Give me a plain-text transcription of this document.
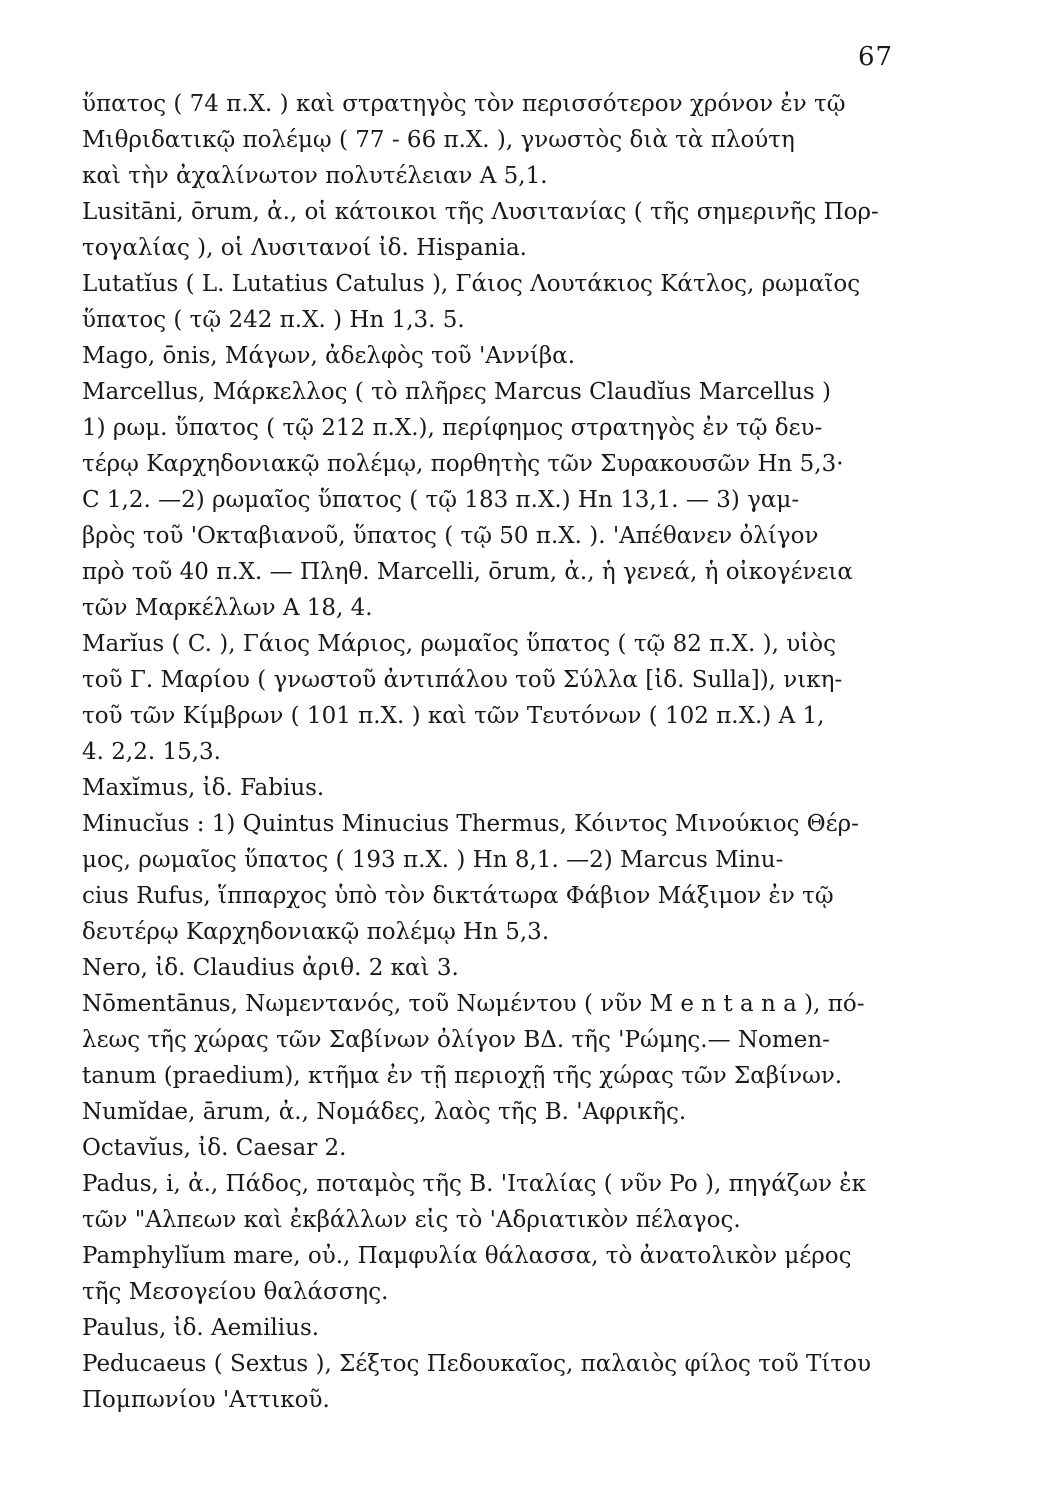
67

ὕπατος ( 74 π.Χ. ) καὶ στρατηγὸς τὸν περισσότερον χρόνον ἐν τῷ
Μιθριδατικῷ πολέμῳ ( 77 - 66 π.Χ. ), γνωστὸς διὰ τὰ πλούτη
καὶ τὴν ἀχαλίνωτον πολυτέλειαν Α 5,1.

Lusitāni, ōrum, ἀ., οἱ κάτοικοι τῆς Λυσιτανίας ( τῆς σημερινῆς Πορ-
τογαλίας ), οἱ Λυσιτανοί ἰδ. Hispania.

Lutatĭus ( L. Lutatius Catulus ), Γάιος Λουτάκιος Κάτλος, ρωμαῖος
ὕπατος ( τῷ 242 π.Χ. ) Hn 1,3. 5.

Mago, ōnis, Μάγων, ἀδελφὸς τοῦ 'Αννίβα.

Marcellus, Μάρκελλος ( τὸ πλῆρες Marcus Claudĭus Marcellus )
1) ρωμ. ὕπατος ( τῷ 212 π.Χ.), περίφημος στρατηγὸς ἐν τῷ δευ-
τέρῳ Καρχηδονιακῷ πολέμῳ, πορθητὴς τῶν Συρακουσῶν Hn 5,3·
C 1,2. —2) ρωμαῖος ὕπατος ( τῷ 183 π.Χ.) Hn 13,1. — 3) γαμ-
βρὸς τοῦ 'Οκταβιανοῦ, ὕπατος ( τῷ 50 π.Χ. ). 'Απέθανεν ὀλίγον
πρὸ τοῦ 40 π.Χ. — Πληθ. Marcelli, ōrum, ἀ., ἡ γενεά, ἡ οἰκογένεια
τῶν Μαρκέλλων Α 18, 4.

Marĭus ( C. ), Γάιος Μάριος, ρωμαῖος ὕπατος ( τῷ 82 π.Χ. ), υἱὸς
τοῦ Γ. Μαρίου ( γνωστοῦ ἀντιπάλου τοῦ Σύλλα [ἰδ. Sulla]), νικη-
τοῦ τῶν Κίμβρων ( 101 π.Χ. ) καὶ τῶν Τευτόνων ( 102 π.Χ.) Α 1,
4. 2,2. 15,3.

Maxĭmus, ἰδ. Fabius.

Minucĭus : 1) Quintus Minucius Thermus, Κόιντος Μινούκιος Θέρ-
μος, ρωμαῖος ὕπατος ( 193 π.Χ. ) Hn 8,1. —2) Marcus Minu-
cius Rufus, ἵππαρχος ὑπὸ τὸν δικτάτωρα Φάβιον Μάξιμον ἐν τῷ
δευτέρῳ Καρχηδονιακῷ πολέμῳ Hn 5,3.

Nero, ἰδ. Claudius ἀριθ. 2 καὶ 3.

Nōmentānus, Νωμεντανός, τοῦ Νωμέντου ( νῦν M e n t a n a ), πό-
λεως τῆς χώρας τῶν Σαβίνων ὀλίγον ΒΔ. τῆς 'Ρώμης.— Nomen-
tanum (praedium), κτῆμα ἐν τῇ περιοχῇ τῆς χώρας τῶν Σαβίνων.

Numĭdae, ārum, ἀ., Νομάδες, λαὸς τῆς Β. 'Αφρικῆς.

Octavĭus, ἰδ. Caesar 2.

Padus, i, ἀ., Πάδος, ποταμὸς τῆς Β. 'Ιταλίας ( νῦν Po ), πηγάζων ἐκ
τῶν "Αλπεων καὶ ἐκβάλλων εἰς τὸ 'Αδριατικὸν πέλαγος.

Pamphylĭum mare, οὐ., Παμφυλία θάλασσα, τὸ ἀνατολικὸν μέρος
τῆς Μεσογείου θαλάσσης.

Paulus, ἰδ. Aemilius.

Peducaeus ( Sextus ), Σέξτος Πεδουκαῖος, παλαιὸς φίλος τοῦ Τίτου
Πομπωνίου 'Αττικοῦ.
